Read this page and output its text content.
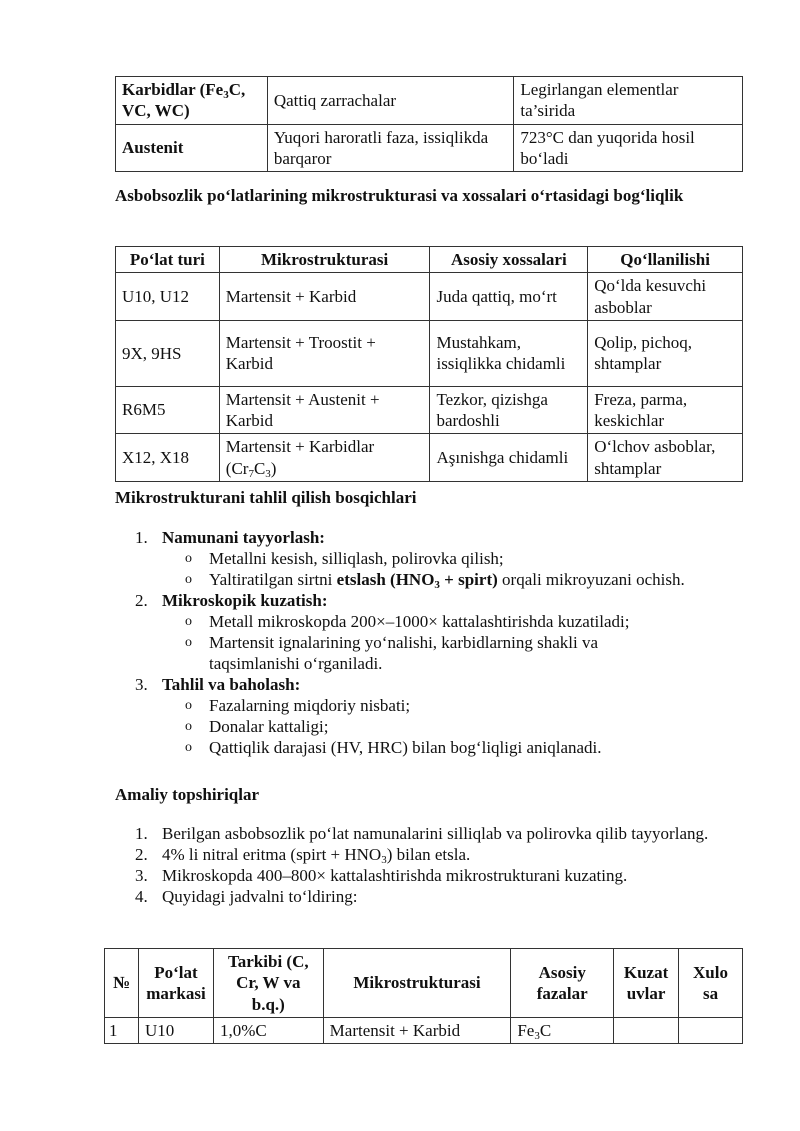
Karbidlar ($Fe_3C$, VC, WC)	Qattiq zarrachalar	Legirlangan elementlar ta’sirida
Austenit	Yuqori haroratli faza, issiqlikda barqaror	723°C dan yuqorida hosil bo‘ladi
Asbobsozlik po‘latlarining mikrostrukturasi va xossalari o‘rtasidagi bog‘liqlik
Po‘lat turi	Mikrostrukturasi	Asosiy xossalari	Qo‘llanilishi
U10, U12	Martensit + Karbid	Juda qattiq, mo‘rt	Qo‘lda kesuvchi asboblar
9X, 9HS	Martensit + Troostit + Karbid	Mustahkam, issiqlikka chidamli	Qolip, pichoq, shtamplar
R6M5	Martensit + Austenit + Karbid	Tezkor, qizishga bardoshli	Freza, parma, keskichlar
X12, X18	Martensit + Karbidlar $(Cr_7C_3)$	Aşınishga chidamli	O‘lchov asboblar, shtamplar
Mikrostrukturani tahlil qilish bosqichlari
1. Namunani tayyorlash:
o Metallni kesish, silliqlash, polirovka qilish;
o Yaltiratilgan sirtni etslash ($HNO_3$ + spirt) orqali mikroyuzani ochish.
2. Mikroskopik kuzatish:
o Metall mikroskopda 200×–1000× kattalashtirishda kuzatiladi;
o Martensit ignalarining yo‘nalishi, karbidlarning shakli va taqsimlanishi o‘rganiladi.
3. Tahlil va baholash:
o Fazalarning miqdoriy nisbati;
o Donalar kattaligi;
o Qattiqlik darajasi (HV, HRC) bilan bog‘liqligi aniqlanadi.
Amaliy topshiriqlar
1. Berilgan asbobsozlik po‘lat namunalarini silliqlab va polirovka qilib tayyorlang.
2. 4% li nitral eritma (spirt + $HNO_3$) bilan etsla.
3. Mikroskopda 400–800× kattalashtirishda mikrostrukturani kuzating.
4. Quyidagi jadvalni to‘ldiring:
№	Po‘lat markasi	Tarkibi (C, Cr, W va b.q.)	Mikrostrukturasi	Asosiy fazalar	Kuzat uvlar	Xulo sa
1	U10	1,0%C	Martensit + Karbid	$Fe_3C$		
